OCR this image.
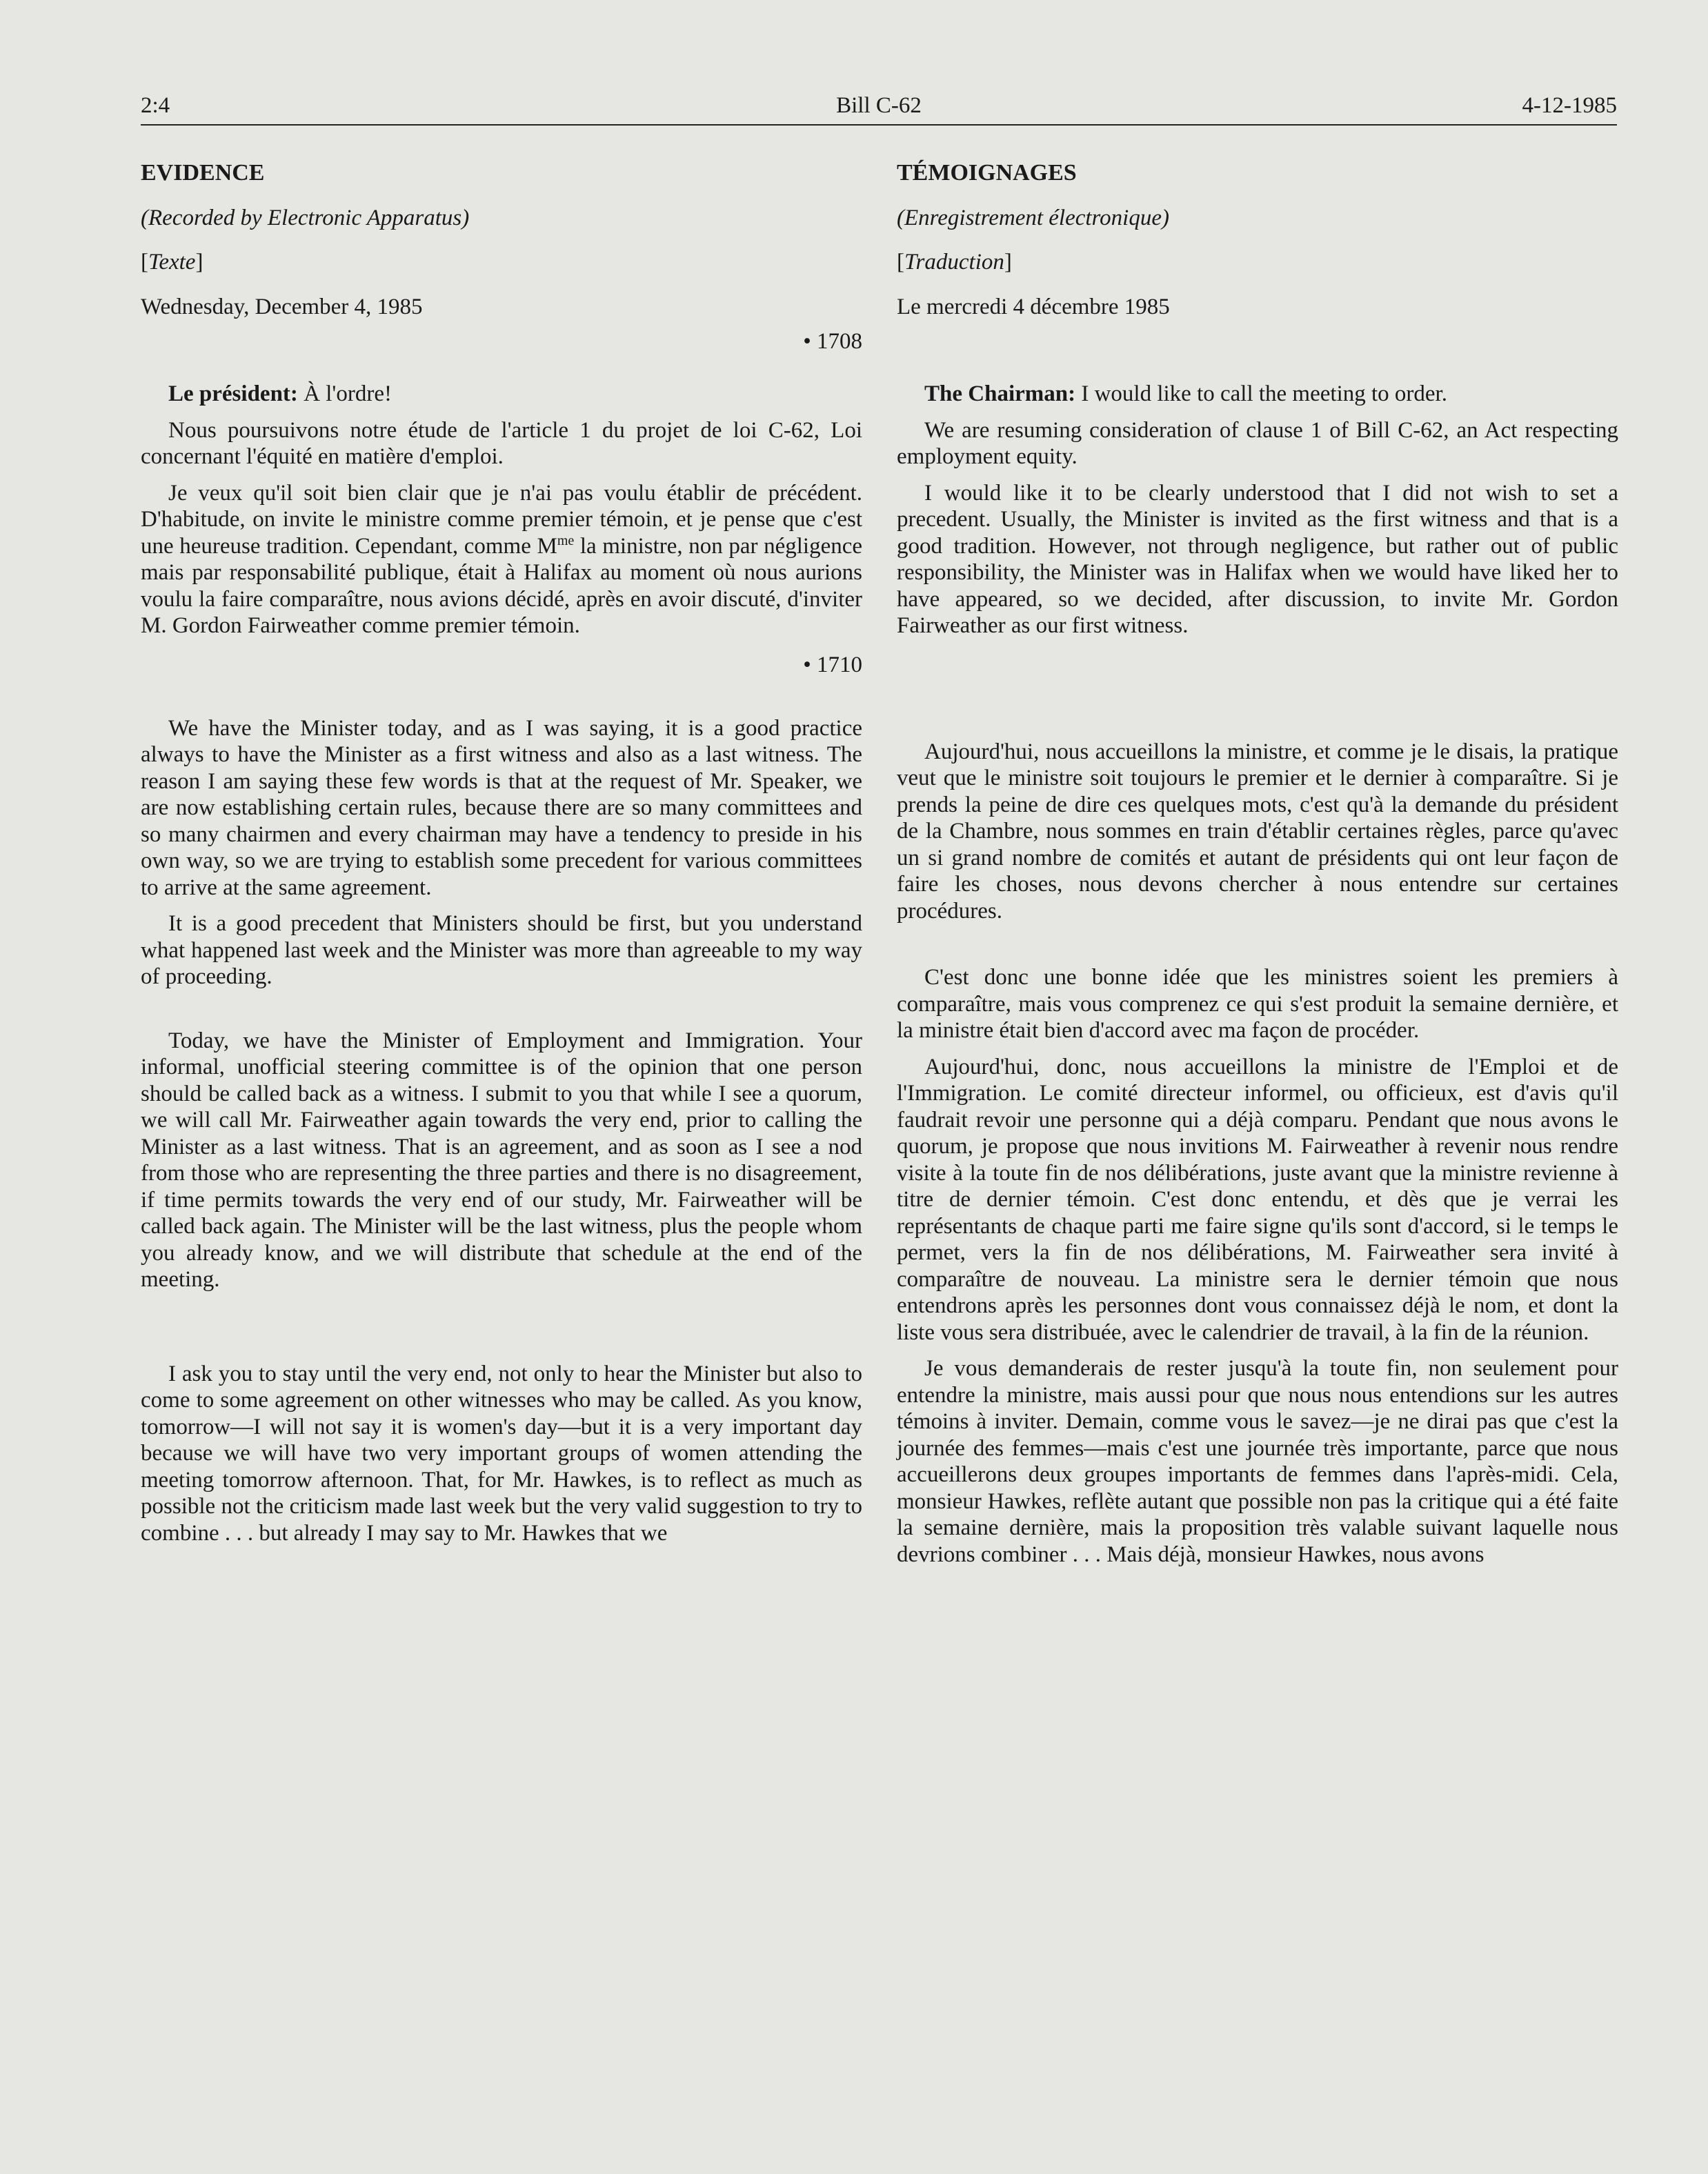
2:4	Bill C-62	4-12-1985

EVIDENCE

(Recorded by Electronic Apparatus)

[Texte]

Wednesday, December 4, 1985

• 1708

Le président: À l'ordre!

Nous poursuivons notre étude de l'article 1 du projet de loi C-62, Loi concernant l'équité en matière d'emploi.

Je veux qu'il soit bien clair que je n'ai pas voulu établir de précédent. D'habitude, on invite le ministre comme premier témoin, et je pense que c'est une heureuse tradition. Cependant, comme $M^{me}$ la ministre, non par négligence mais par responsabilité publique, était à Halifax au moment où nous aurions voulu la faire comparaître, nous avions décidé, après en avoir discuté, d'inviter M. Gordon Fairweather comme premier témoin.

• 1710

We have the Minister today, and as I was saying, it is a good practice always to have the Minister as a first witness and also as a last witness. The reason I am saying these few words is that at the request of Mr. Speaker, we are now establishing certain rules, because there are so many committees and so many chairmen and every chairman may have a tendency to preside in his own way, so we are trying to establish some precedent for various committees to arrive at the same agreement.

It is a good precedent that Ministers should be first, but you understand what happened last week and the Minister was more than agreeable to my way of proceeding.

Today, we have the Minister of Employment and Immigration. Your informal, unofficial steering committee is of the opinion that one person should be called back as a witness. I submit to you that while I see a quorum, we will call Mr. Fairweather again towards the very end, prior to calling the Minister as a last witness. That is an agreement, and as soon as I see a nod from those who are representing the three parties and there is no disagreement, if time permits towards the very end of our study, Mr. Fairweather will be called back again. The Minister will be the last witness, plus the people whom you already know, and we will distribute that schedule at the end of the meeting.

I ask you to stay until the very end, not only to hear the Minister but also to come to some agreement on other witnesses who may be called. As you know, tomorrow—I will not say it is women's day—but it is a very important day because we will have two very important groups of women attending the meeting tomorrow afternoon. That, for Mr. Hawkes, is to reflect as much as possible not the criticism made last week but the very valid suggestion to try to combine . . . but already I may say to Mr. Hawkes that we

TÉMOIGNAGES

(Enregistrement électronique)

[Traduction]

Le mercredi 4 décembre 1985

The Chairman: I would like to call the meeting to order.

We are resuming consideration of clause 1 of Bill C-62, an Act respecting employment equity.

I would like it to be clearly understood that I did not wish to set a precedent. Usually, the Minister is invited as the first witness and that is a good tradition. However, not through negligence, but rather out of public responsibility, the Minister was in Halifax when we would have liked her to have appeared, so we decided, after discussion, to invite Mr. Gordon Fairweather as our first witness.

Aujourd'hui, nous accueillons la ministre, et comme je le disais, la pratique veut que le ministre soit toujours le premier et le dernier à comparaître. Si je prends la peine de dire ces quelques mots, c'est qu'à la demande du président de la Chambre, nous sommes en train d'établir certaines règles, parce qu'avec un si grand nombre de comités et autant de présidents qui ont leur façon de faire les choses, nous devons chercher à nous entendre sur certaines procédures.

C'est donc une bonne idée que les ministres soient les premiers à comparaître, mais vous comprenez ce qui s'est produit la semaine dernière, et la ministre était bien d'accord avec ma façon de procéder.

Aujourd'hui, donc, nous accueillons la ministre de l'Emploi et de l'Immigration. Le comité directeur informel, ou officieux, est d'avis qu'il faudrait revoir une personne qui a déjà comparu. Pendant que nous avons le quorum, je propose que nous invitions M. Fairweather à revenir nous rendre visite à la toute fin de nos délibérations, juste avant que la ministre revienne à titre de dernier témoin. C'est donc entendu, et dès que je verrai les représentants de chaque parti me faire signe qu'ils sont d'accord, si le temps le permet, vers la fin de nos délibérations, M. Fairweather sera invité à comparaître de nouveau. La ministre sera le dernier témoin que nous entendrons après les personnes dont vous connaissez déjà le nom, et dont la liste vous sera distribuée, avec le calendrier de travail, à la fin de la réunion.

Je vous demanderais de rester jusqu'à la toute fin, non seulement pour entendre la ministre, mais aussi pour que nous nous entendions sur les autres témoins à inviter. Demain, comme vous le savez—je ne dirai pas que c'est la journée des femmes—mais c'est une journée très importante, parce que nous accueillerons deux groupes importants de femmes dans l'après-midi. Cela, monsieur Hawkes, reflète autant que possible non pas la critique qui a été faite la semaine dernière, mais la proposition très valable suivant laquelle nous devrions combiner . . . Mais déjà, monsieur Hawkes, nous avons
